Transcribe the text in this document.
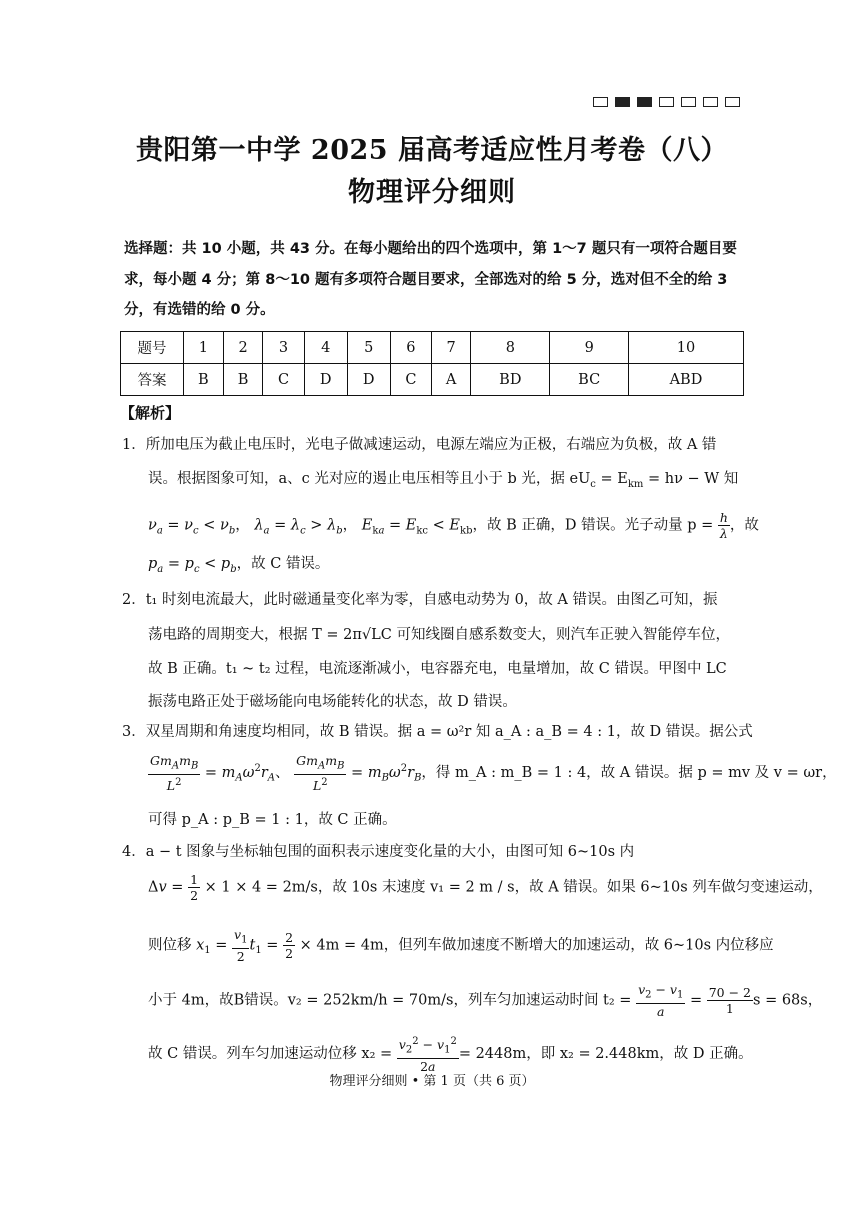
贵阳第一中学 2025 届高考适应性月考卷（八）
物理评分细则
选择题：共 10 小题，共 43 分。在每小题给出的四个选项中，第 1～7 题只有一项符合题目要
求，每小题 4 分；第 8～10 题有多项符合题目要求，全部选对的给 5 分，选对但不全的给 3
分，有选错的给 0 分。
题号	1	2	3	4	5	6	7	8	9	10
答案	B	B	C	D	D	C	A	BD	BC	ABD
【解析】
1．所加电压为截止电压时，光电子做减速运动，电源左端应为正极，右端应为负极，故 A 错
误。根据图象可知，a、c 光对应的遏止电压相等且小于 b 光，据 $eU_c = E_{km} = h\nu - W$ 知
$\nu_a = \nu_c < \nu_b$， $\lambda_a = \lambda_c > \lambda_b$， $E_{ka} = E_{kc} < E_{kb}$，故 B 正确，D 错误。光子动量 $p = \frac{h}{\lambda}$ ，故
$p_a = p_c < p_b$，故 C 错误。
2．t₁ 时刻电流最大，此时磁通量变化率为零，自感电动势为 0，故 A 错误。由图乙可知，振
荡电路的周期变大，根据 T = 2π√LC 可知线圈自感系数变大，则汽车正驶入智能停车位，
故 B 正确。t₁ ~ t₂ 过程，电流逐渐减小，电容器充电，电量增加，故 C 错误。甲图中 LC
振荡电路正处于磁场能向电场能转化的状态，故 D 错误。
3．双星周期和角速度均相同，故 B 错误。据 a = ω²r 知 a_A : a_B = 4 : 1，故 D 错误。据公式
$\frac{Gm_Am_B}{L^2} = m_A\omega^2r_A$、 $\frac{Gm_Am_B}{L^2} = m_B\omega^2r_B$，得 m_A : m_B = 1 : 4，故 A 错误。据 p = mv 及 v = ωr，
可得 p_A : p_B = 1 : 1，故 C 正确。
4．a − t 图象与坐标轴包围的面积表示速度变化量的大小，由图可知 6~10s 内
$\Delta v = \frac{1}{2} \times 1 \times 4 = 2m/s$，故 10s 末速度 v₁ = 2 m / s，故 A 错误。如果 6~10s 列车做匀变速运动，
则位移 $x_1 = \frac{v_1}{2} t_1 = \frac{2}{2} \times 4m = 4m$，但列车做加速度不断增大的加速运动，故 6~10s 内位移应
小于 4m，故B错误。v₂ = 252km/h = 70m/s，列车匀加速运动时间 $t_2 = \frac{v_2 - v_1}{a} = \frac{70 - 2}{1}$ s = 68s，
故 C 错误。列车匀加速运动位移 $x_2 = \frac{v_2^2 - v_1^2}{2a} = 2448m$，即 x₂ = 2.448km，故 D 正确。
物理评分细则 • 第 1 页（共 6 页）
